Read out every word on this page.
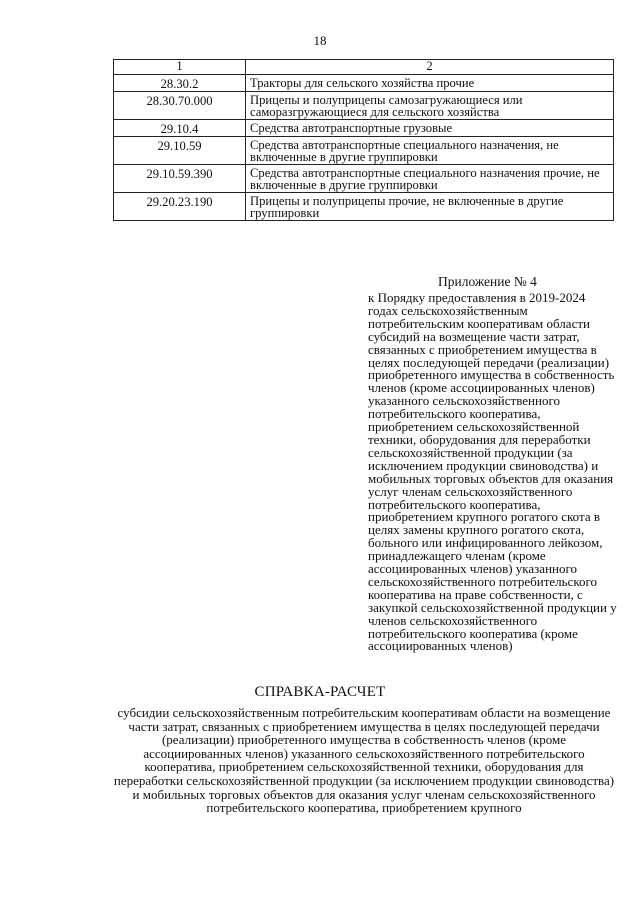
18
1	2
28.30.2	Тракторы для сельского хозяйства прочие
28.30.70.000	Прицепы и полуприцепы самозагружающиеся или саморазгружающиеся для сельского хозяйства
29.10.4	Средства автотранспортные грузовые
29.10.59	Средства автотранспортные специального назначения, не включенные в другие группировки
29.10.59.390	Средства автотранспортные специального назначения прочие, не включенные в другие группировки
29.20.23.190	Прицепы и полуприцепы прочие, не включенные в другие группировки
Приложение № 4
к Порядку предоставления в 2019-2024 годах сельскохозяйственным потребительским кооперативам области субсидий на возмещение части затрат, связанных с приобретением имущества в целях последующей передачи (реализации) приобретенного имущества в собственность членов (кроме ассоциированных членов) указанного сельскохозяйственного потребительского кооператива, приобретением сельскохозяйственной техники, оборудования для переработки сельскохозяйственной продукции (за исключением продукции свиноводства) и мобильных торговых объектов для оказания услуг членам сельскохозяйственного потребительского кооператива, приобретением крупного рогатого скота в целях замены крупного рогатого скота, больного или инфицированного лейкозом, принадлежащего членам (кроме ассоциированных членов) указанного сельскохозяйственного потребительского кооператива на праве собственности, с закупкой сельскохозяйственной продукции у членов сельскохозяйственного потребительского кооператива (кроме ассоциированных членов)
СПРАВКА-РАСЧЕТ
субсидии сельскохозяйственным потребительским кооперативам области на возмещение части затрат, связанных с приобретением имущества в целях последующей передачи (реализации) приобретенного имущества в собственность членов (кроме ассоциированных членов) указанного сельскохозяйственного потребительского кооператива, приобретением сельскохозяйственной техники, оборудования для переработки сельскохозяйственной продукции (за исключением продукции свиноводства) и мобильных торговых объектов для оказания услуг членам сельскохозяйственного потребительского кооператива, приобретением крупного
